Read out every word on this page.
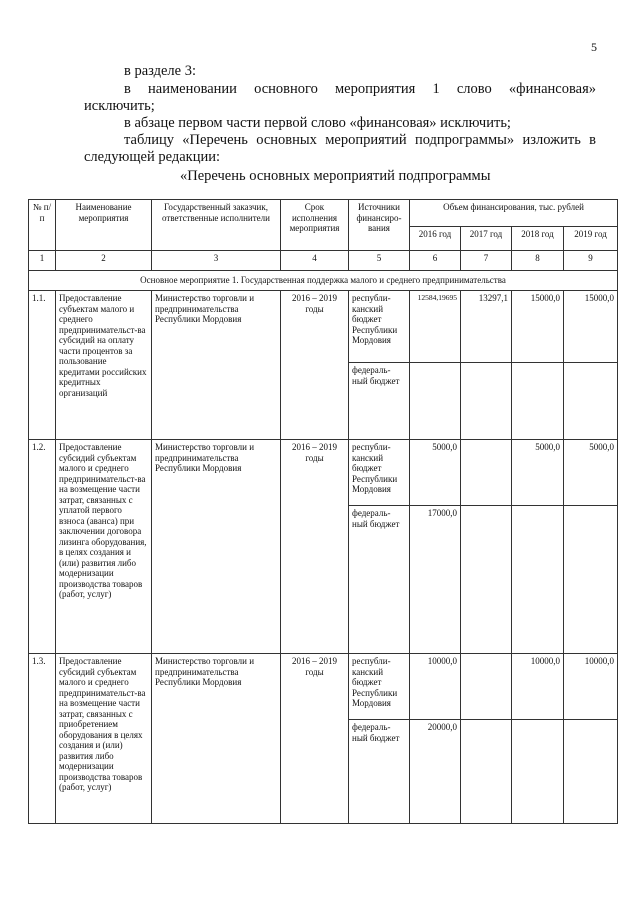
5
в разделе 3:
в наименовании основного мероприятия 1 слово «финансовая»
исключить;
в абзаце первом части первой слово «финансовая» исключить;
таблицу «Перечень основных мероприятий подпрограммы» изложить в
следующей редакции:
«Перечень основных мероприятий подпрограммы
№ п/п	Наименование мероприятия	Государственный заказчик, ответственные исполнители	Срок исполнения мероприятия	Источники финансиро-вания	Объем финансирования, тыс. рублей			
					2016 год	2017 год	2018 год	2019 год
1	2	3	4	5	6	7	8	9
Основное мероприятие 1. Государственная поддержка малого и среднего предпринимательства								
1.1.	Предоставление субъектам малого и среднего предпринимательст-ва субсидий на оплату части процентов за пользование кредитами российских кредитных организаций	Министерство торговли и предпринимательства Республики Мордовия	2016 – 2019 годы	республи-канский бюджет Республики Мордовия	12584,19695	13297,1	15000,0	15000,0
				федераль-ный бюджет				
1.2.	Предоставление субсидий субъектам малого и среднего предпринимательст-ва на возмещение части затрат, связанных с уплатой первого взноса (аванса) при заключении договора лизинга оборудования, в целях создания и (или) развития либо модернизации производства товаров (работ, услуг)	Министерство торговли и предпринимательства Республики Мордовия	2016 – 2019 годы	республи-канский бюджет Республики Мордовия	5000,0		5000,0	5000,0
				федераль-ный бюджет	17000,0			
1.3.	Предоставление субсидий субъектам малого и среднего предпринимательст-ва на возмещение части затрат, связанных с приобретением оборудования в целях создания и (или) развития либо модернизации производства товаров (работ, услуг)	Министерство торговли и предпринимательства Республики Мордовия	2016 – 2019 годы	республи-канский бюджет Республики Мордовия	10000,0		10000,0	10000,0
				федераль-ный бюджет	20000,0			
